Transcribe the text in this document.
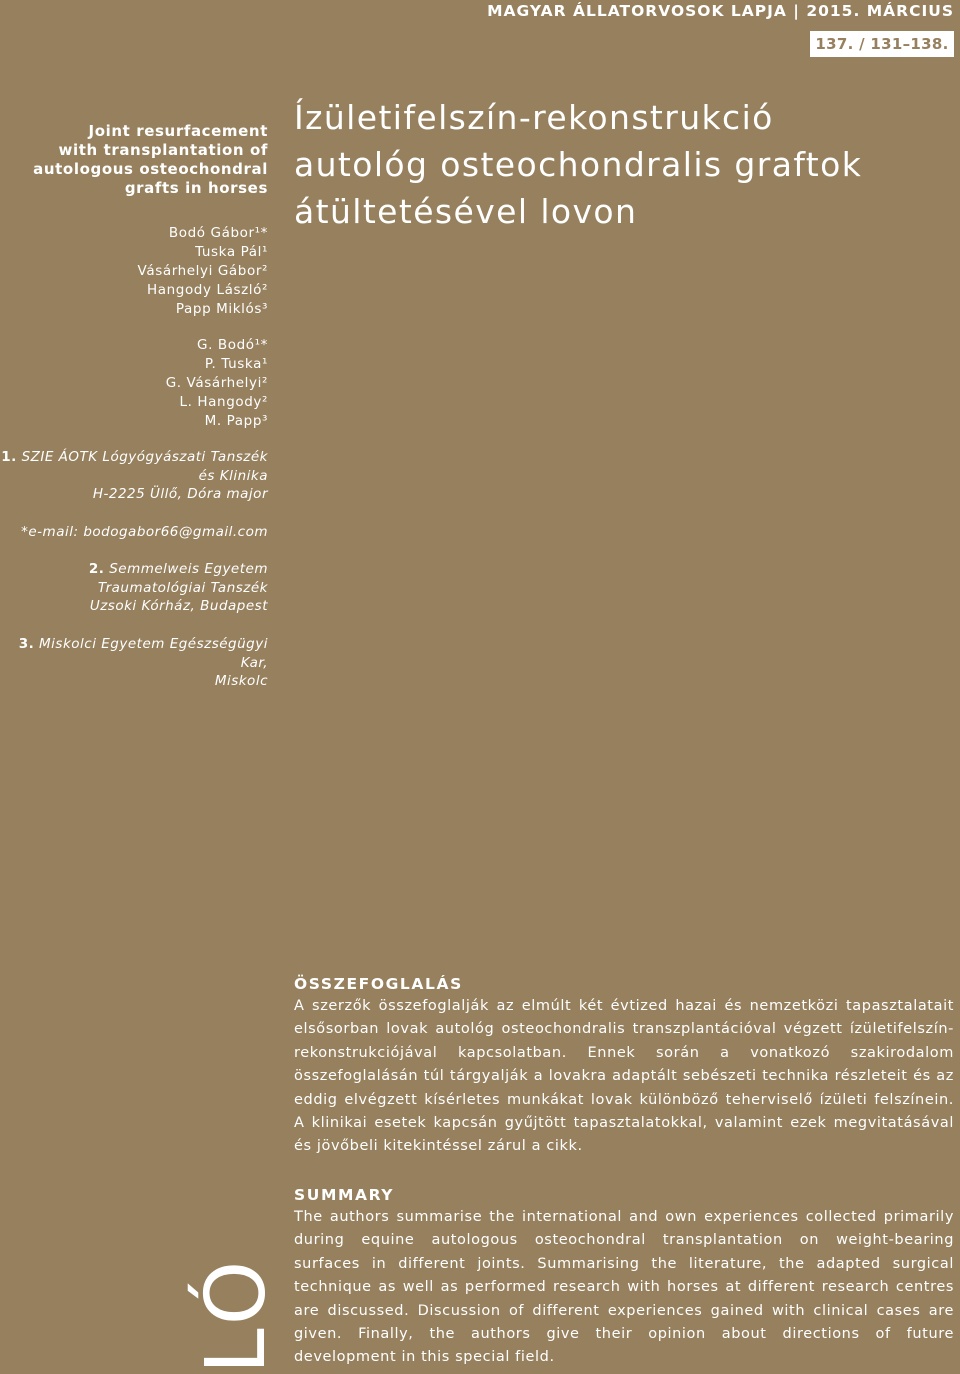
MAGYAR ÁLLATORVOSOK LAPJA | 2015. MÁRCIUS
137. / 131–138.
Joint resurfacement
with transplantation of
autologous osteochondral
grafts in horses
Bodó Gábor¹*
Tuska Pál¹
Vásárhelyi Gábor²
Hangody László²
Papp Miklós³
G. Bodó¹*
P. Tuska¹
G. Vásárhelyi²
L. Hangody²
M. Papp³
1. SZIE ÁOTK Lógyógyászati Tanszék
és Klinika
H-2225 Üllő, Dóra major
*e-mail: bodogabor66@gmail.com
2. Semmelweis Egyetem
Traumatológiai Tanszék
Uzsoki Kórház, Budapest
3. Miskolci Egyetem Egészségügyi Kar,
Miskolc
Ízületifelszín-rekonstrukció
autológ osteochondralis graftok
átültetésével lovon
ÖSSZEFOGLALÁS

A szerzők összefoglalják az elmúlt két évtized hazai és nemzetközi tapasztalatait elsősorban lovak autológ osteochondralis transzplantációval végzett ízületifelszín-rekonstrukciójával kapcsolatban. Ennek során a vonatkozó szakirodalom összefoglalásán túl tárgyalják a lovakra adaptált sebészeti technika részleteit és az eddig elvégzett kísérletes munkákat lovak különböző teherviselő ízületi felszínein. A klinikai esetek kapcsán gyűjtött tapasztalatokkal, valamint ezek megvitatásával és jövőbeli kitekintéssel zárul a cikk.

SUMMARY

The authors summarise the international and own experiences collected primarily during equine autologous osteochondral transplantation on weight-bearing surfaces in different joints. Summarising the literature, the adapted surgical technique as well as performed research with horses at different research centres are discussed. Discussion of different experiences gained with clinical cases are given. Finally, the authors give their opinion about directions of future development in this special field.

LÓ
